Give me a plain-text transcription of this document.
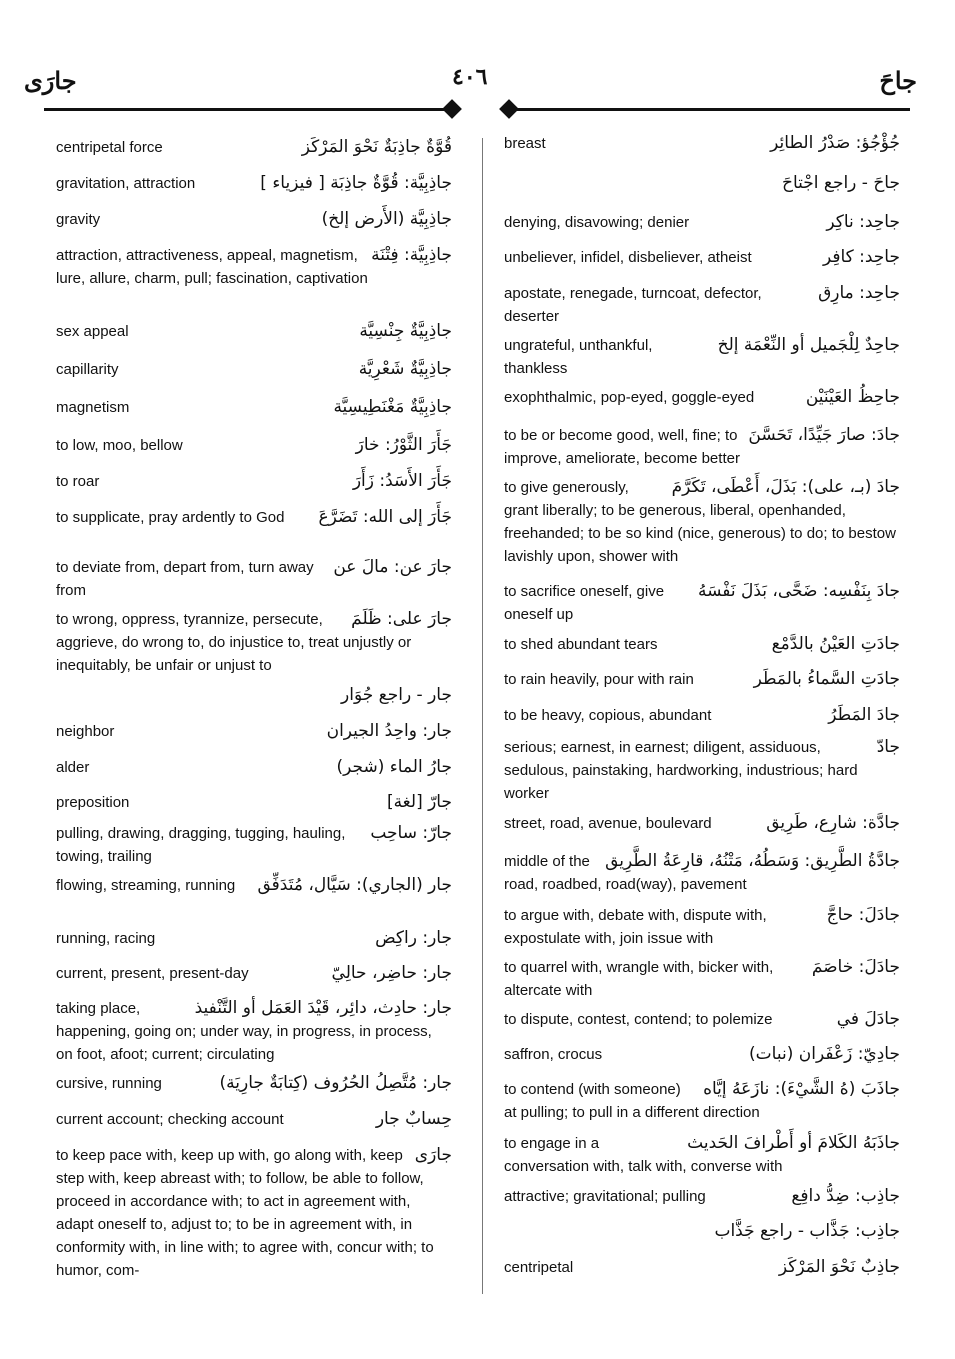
جارَى	٤٠٦	جاحَ
قُوَّةٌ جاذِبَةٌ نَحْوَ المَرْكَز
centripetal force
جاذِبِيَّة: قُوَّةٌ جاذِبَة [ فيزياء ]
gravitation, attraction
جاذِبِيَّة (الأَرض إلخ)
gravity
جاذِبِيَّة: فِتْنَة
attraction, attractiveness, appeal, magnetism, lure, allure, charm, pull; fascination, captivation
جاذِبِيَّةٌ جِنْسِيَّة
sex appeal
جاذِبِيَّةٌ شَعْرِيَّة
capillarity
جاذِبِيَّةٌ مَغْنَطِيسِيَّة
magnetism
جَأَرَ الثَّوْرُ: خارَ
to low, moo, bellow
جَأَرَ الأَسَدُ: زَأَرَ
to roar
جَأَرَ إلى الله: تَضَرَّعَ
to supplicate, pray ardently to God
جارَ عن: مالَ عن
to deviate from, depart from, turn away from
جارَ على: ظَلَمَ
to wrong, oppress, tyrannize, persecute, aggrieve, do wrong to, do injustice to, treat unjustly or inequitably, be unfair or unjust to
جار - راجع جُوَار
جار: واحِدُ الجيران
neighbor
جارُ الماء (شجر)
alder
جارّ [لغة]
preposition
جارّ: ساحِب
pulling, drawing, dragging, tugging, hauling, towing, trailing
جار (الجاري): سَيَّال، مُتَدَفِّق
flowing, streaming, running
جار: راكِض
running, racing
جار: حاضِر، حالِيّ
current, present, present-day
جار: حادِث، دائِر، قَيْدَ العَمَل أو التَّنْفيذ
taking place, happening, going on; under way, in progress, in process, on foot, afoot; current; circulating
جار: مُتَّصِلُ الحُرُوف (كِتابَةٌ جارِيَة)
cursive, running
حِسابٌ جار
current account; checking account
جارَى
to keep pace with, keep up with, go along with, keep step with, keep abreast with; to follow, be able to follow, proceed in accordance with; to act in agreement with, adapt oneself to, adjust to; to be in agreement with, in conformity with, in line with; to agree with, concur with; to humor, com-
جُؤْجُؤ: صَدْرُ الطائِر
breast
جاحَ - راجع اجْتاحَ
جاحِد: ناكِر
denying, disavowing; denier
جاحِد: كافِر
unbeliever, infidel, disbeliever, atheist
جاحِد: مارِق
apostate, renegade, turncoat, defector, deserter
جاحِدٌ لِلْجَميل أو النِّعْمَة إلخ
ungrateful, unthankful, thankless
جاحِظُ العَيْنَيْن
exophthalmic, pop-eyed, goggle-eyed
جادَ: صارَ جَيِّدًا، تَحَسَّنَ
to be or become good, well, fine; to improve, ameliorate, become better
جادَ (بـ، على): بَذَلَ، أَعْطَى، تَكَرَّمَ
to give generously, grant liberally; to be generous, liberal, openhanded, freehanded; to be so kind (nice, generous) to do; to bestow lavishly upon, shower with
جادَ بِنَفْسِه: ضَحَّى، بَذَلَ نَفْسَهُ
to sacrifice oneself, give oneself up
جادَتِ العَيْنُ بالدَّمْع
to shed abundant tears
جادَتِ السَّماءُ بالمَطَر
to rain heavily, pour with rain
جادَ المَطَرُ
to be heavy, copious, abundant
جادّ
serious; earnest, in earnest; diligent, assiduous, sedulous, painstaking, hardworking, industrious; hard worker
جادَّة: شارِع، طَرِيق
street, road, avenue, boulevard
جادَّةُ الطَّرِيق: وَسَطُهُ، مَتْنُهُ، قارِعَةُ الطَّرِيق
middle of the road, roadbed, road(way), pavement
جادَلَ: حاجَّ
to argue with, debate with, dispute with, expostulate with, join issue with
جادَلَ: خاصَمَ
to quarrel with, wrangle with, bicker with, altercate with
جادَلَ في
to dispute, contest, contend; to polemize
جادِيّ: زَعْفَران (نبات)
saffron, crocus
جاذَبَ (هُ الشَّيْءَ): نازَعَهُ إيَّاه
to contend (with someone) at pulling; to pull in a different direction
جاذَبَهُ الكَلامَ أو أَطْرافَ الحَديث
to engage in a conversation with, talk with, converse with
جاذِب: ضِدُّ دافِع
attractive; gravitational; pulling
جاذِب: جَذَّاب - راجع جَذَّاب
جاذِبٌ نَحْوَ المَرْكَز
centripetal
